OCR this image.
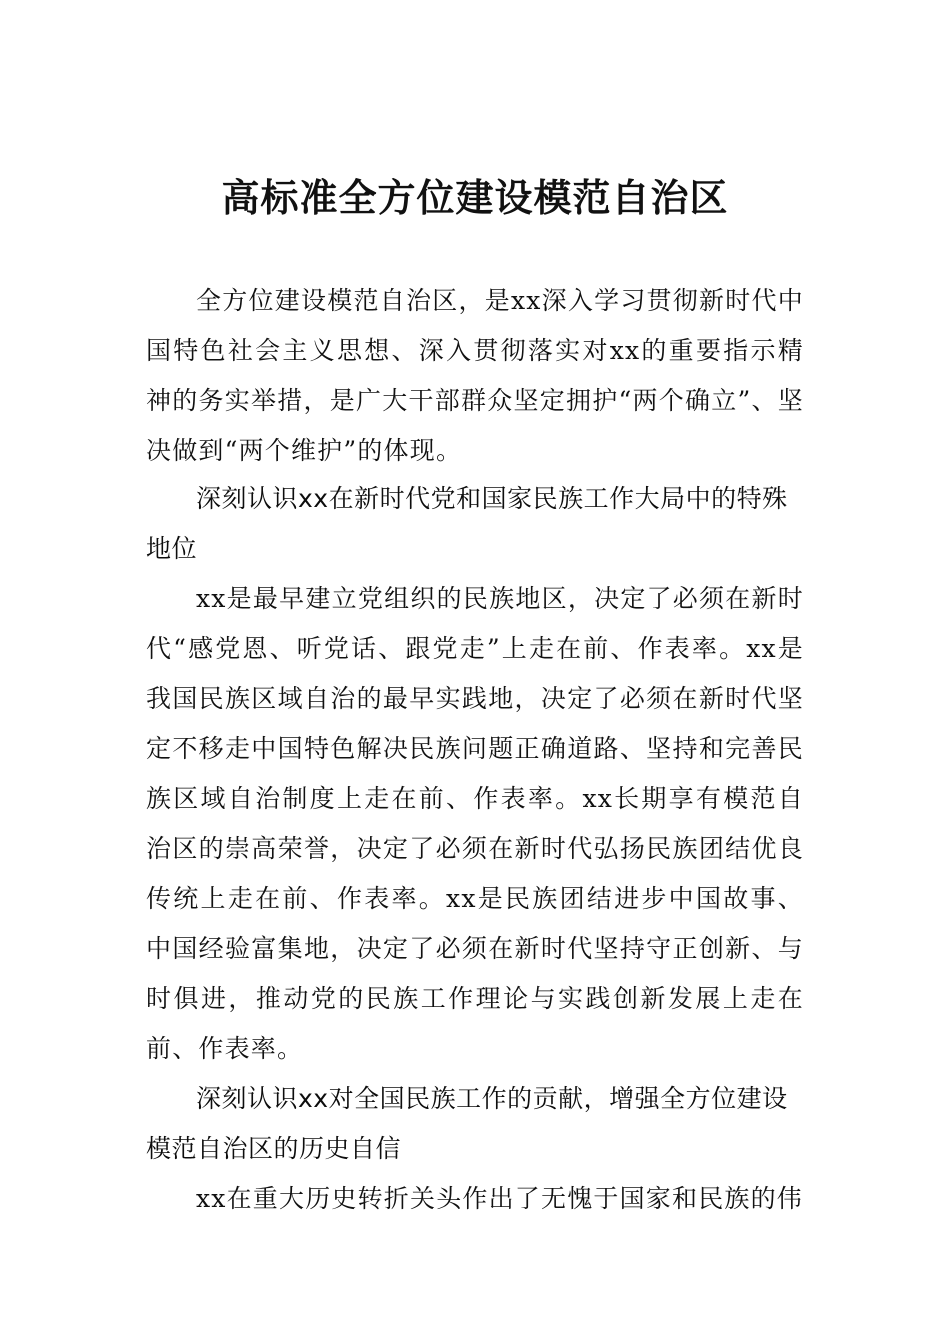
高标准全方位建设模范自治区

全方位建设模范自治区，是xx深入学习贯彻新时代中国特色社会主义思想、深入贯彻落实对xx的重要指示精神的务实举措，是广大干部群众坚定拥护“两个确立”、坚决做到“两个维护”的体现。

深刻认识xx在新时代党和国家民族工作大局中的特殊地位

xx是最早建立党组织的民族地区，决定了必须在新时代“感党恩、听党话、跟党走”上走在前、作表率。xx是我国民族区域自治的最早实践地，决定了必须在新时代坚定不移走中国特色解决民族问题正确道路、坚持和完善民族区域自治制度上走在前、作表率。xx长期享有模范自治区的崇高荣誉，决定了必须在新时代弘扬民族团结优良传统上走在前、作表率。xx是民族团结进步中国故事、中国经验富集地，决定了必须在新时代坚持守正创新、与时俱进，推动党的民族工作理论与实践创新发展上走在前、作表率。

深刻认识xx对全国民族工作的贡献，增强全方位建设模范自治区的历史自信

xx在重大历史转折关头作出了无愧于国家和民族的伟
